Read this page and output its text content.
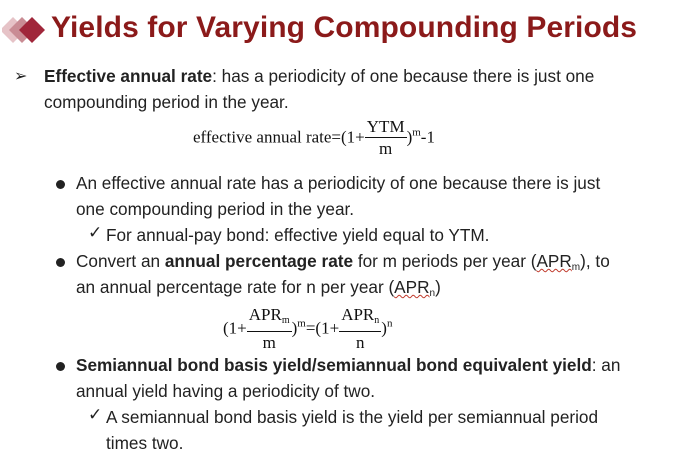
Yields for Varying Compounding Periods
➢ Effective annual rate: has a periodicity of one because there is just one
compounding period in the year.
effective annual rate=(1+ $\frac{\text{YTM}}{m} )^m-1$
An effective annual rate has a periodicity of one because there is just
one compounding period in the year.
✓ For annual-pay bond: effective yield equal to YTM.
Convert an annual percentage rate for m periods per year $(APR_m)$, to
an annual percentage rate for n per year $(APR_n)$
$(1+ \frac{APR_m}{m} )^m=(1+ \frac{APR_n}{n} )^n$
Semiannual bond basis yield/semiannual bond equivalent yield: an
annual yield having a periodicity of two.
✓ A semiannual bond basis yield is the yield per semiannual period
times two.
